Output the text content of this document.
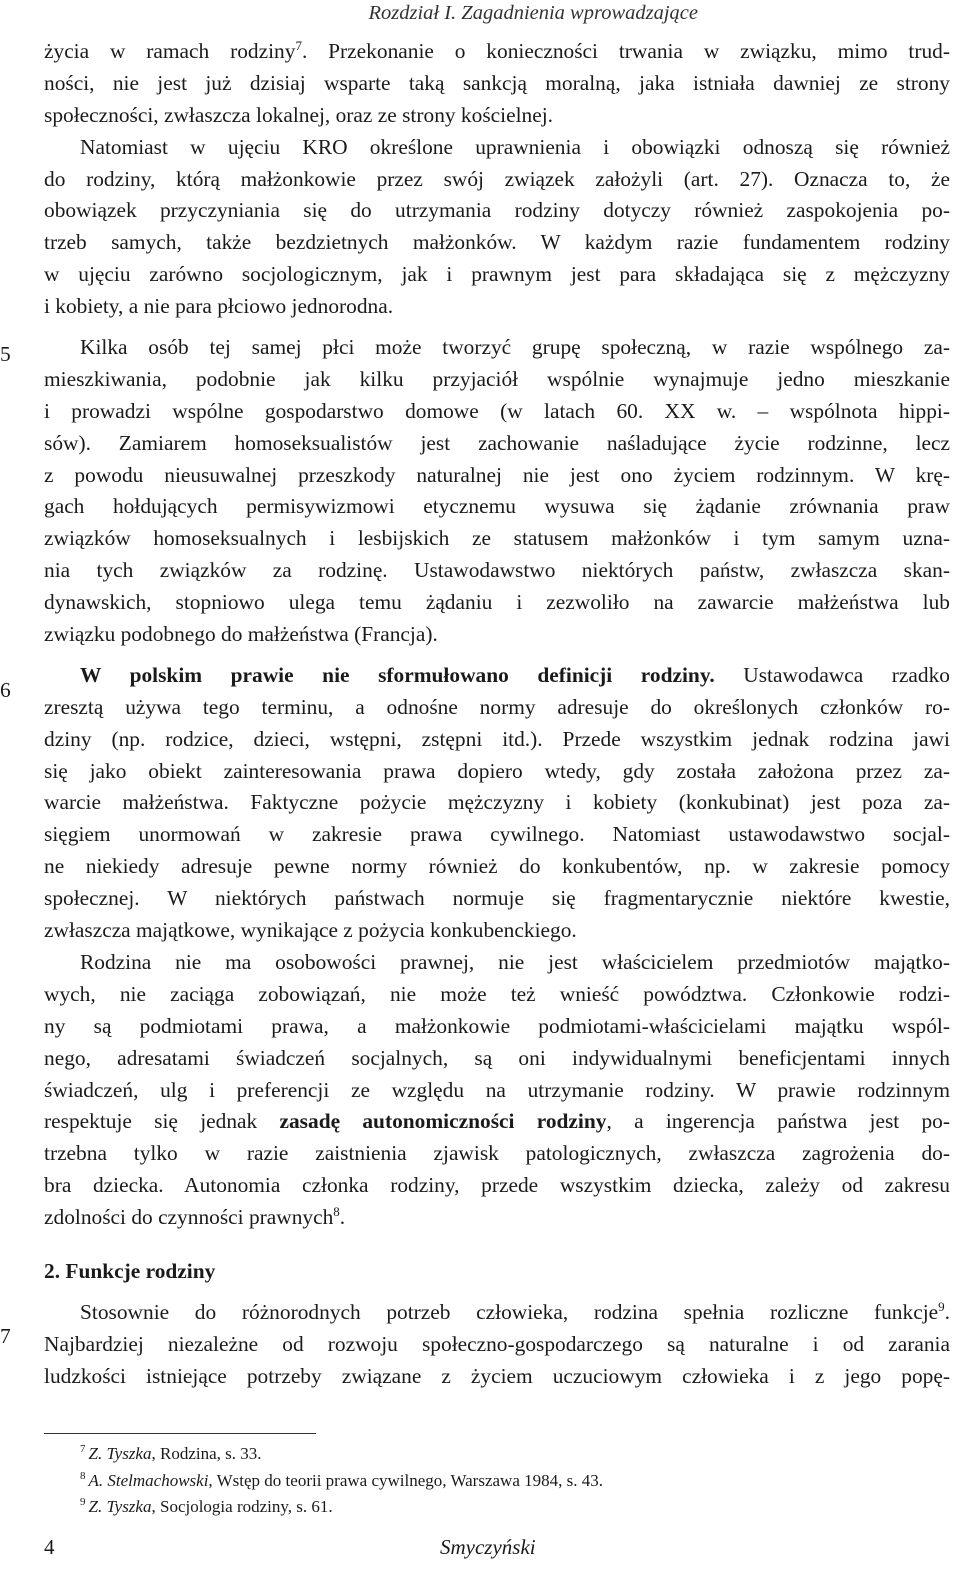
Rozdział I. Zagadnienia wprowadzające
5
6
7
życia w ramach rodziny$^7$. Przekonanie o konieczności trwania w związku, mimo trud-
ności, nie jest już dzisiaj wsparte taką sankcją moralną, jaka istniała dawniej ze strony
społeczności, zwłaszcza lokalnej, oraz ze strony kościelnej.
Natomiast w ujęciu KRO określone uprawnienia i obowiązki odnoszą się również
do rodziny, którą małżonkowie przez swój związek założyli (art. 27). Oznacza to, że
obowiązek przyczyniania się do utrzymania rodziny dotyczy również zaspokojenia po-
trzeb samych, także bezdzietnych małżonków. W każdym razie fundamentem rodziny
w ujęciu zarówno socjologicznym, jak i prawnym jest para składająca się z mężczyzny
i kobiety, a nie para płciowo jednorodna.
Kilka osób tej samej płci może tworzyć grupę społeczną, w razie wspólnego za-
mieszkiwania, podobnie jak kilku przyjaciół wspólnie wynajmuje jedno mieszkanie
i prowadzi wspólne gospodarstwo domowe (w latach 60. XX w. – wspólnota hippi-
sów). Zamiarem homoseksualistów jest zachowanie naśladujące życie rodzinne, lecz
z powodu nieusuwalnej przeszkody naturalnej nie jest ono życiem rodzinnym. W krę-
gach hołdujących permisywizmowi etycznemu wysuwa się żądanie zrównania praw
związków homoseksualnych i lesbijskich ze statusem małżonków i tym samym uzna-
nia tych związków za rodzinę. Ustawodawstwo niektórych państw, zwłaszcza skan-
dynawskich, stopniowo ulega temu żądaniu i zezwoliło na zawarcie małżeństwa lub
związku podobnego do małżeństwa (Francja).
W polskim prawie nie sformułowano definicji rodziny. Ustawodawca rzadko
zresztą używa tego terminu, a odnośne normy adresuje do określonych członków ro-
dziny (np. rodzice, dzieci, wstępni, zstępni itd.). Przede wszystkim jednak rodzina jawi
się jako obiekt zainteresowania prawa dopiero wtedy, gdy została założona przez za-
warcie małżeństwa. Faktyczne pożycie mężczyzny i kobiety (konkubinat) jest poza za-
sięgiem unormowań w zakresie prawa cywilnego. Natomiast ustawodawstwo socjal-
ne niekiedy adresuje pewne normy również do konkubentów, np. w zakresie pomocy
społecznej. W niektórych państwach normuje się fragmentarycznie niektóre kwestie,
zwłaszcza majątkowe, wynikające z pożycia konkubenckiego.
Rodzina nie ma osobowości prawnej, nie jest właścicielem przedmiotów majątko-
wych, nie zaciąga zobowiązań, nie może też wnieść powództwa. Członkowie rodzi-
ny są podmiotami prawa, a małżonkowie podmiotami-właścicielami majątku wspól-
nego, adresatami świadczeń socjalnych, są oni indywidualnymi beneficjentami innych
świadczeń, ulg i preferencji ze względu na utrzymanie rodziny. W prawie rodzinnym
respektuje się jednak zasadę autonomiczności rodziny, a ingerencja państwa jest po-
trzebna tylko w razie zaistnienia zjawisk patologicznych, zwłaszcza zagrożenia do-
bra dziecka. Autonomia członka rodziny, przede wszystkim dziecka, zależy od zakresu
zdolności do czynności prawnych$^8$.
2. Funkcje rodziny
Stosownie do różnorodnych potrzeb człowieka, rodzina spełnia rozliczne funkcje$^9$.
Najbardziej niezależne od rozwoju społeczno-gospodarczego są naturalne i od zarania
ludzkości istniejące potrzeby związane z życiem uczuciowym człowieka i z jego popę-
$^7$ Z. Tyszka, Rodzina, s. 33.
$^8$ A. Stelmachowski, Wstęp do teorii prawa cywilnego, Warszawa 1984, s. 43.
$^9$ Z. Tyszka, Socjologia rodziny, s. 61.
4	Smyczyński
